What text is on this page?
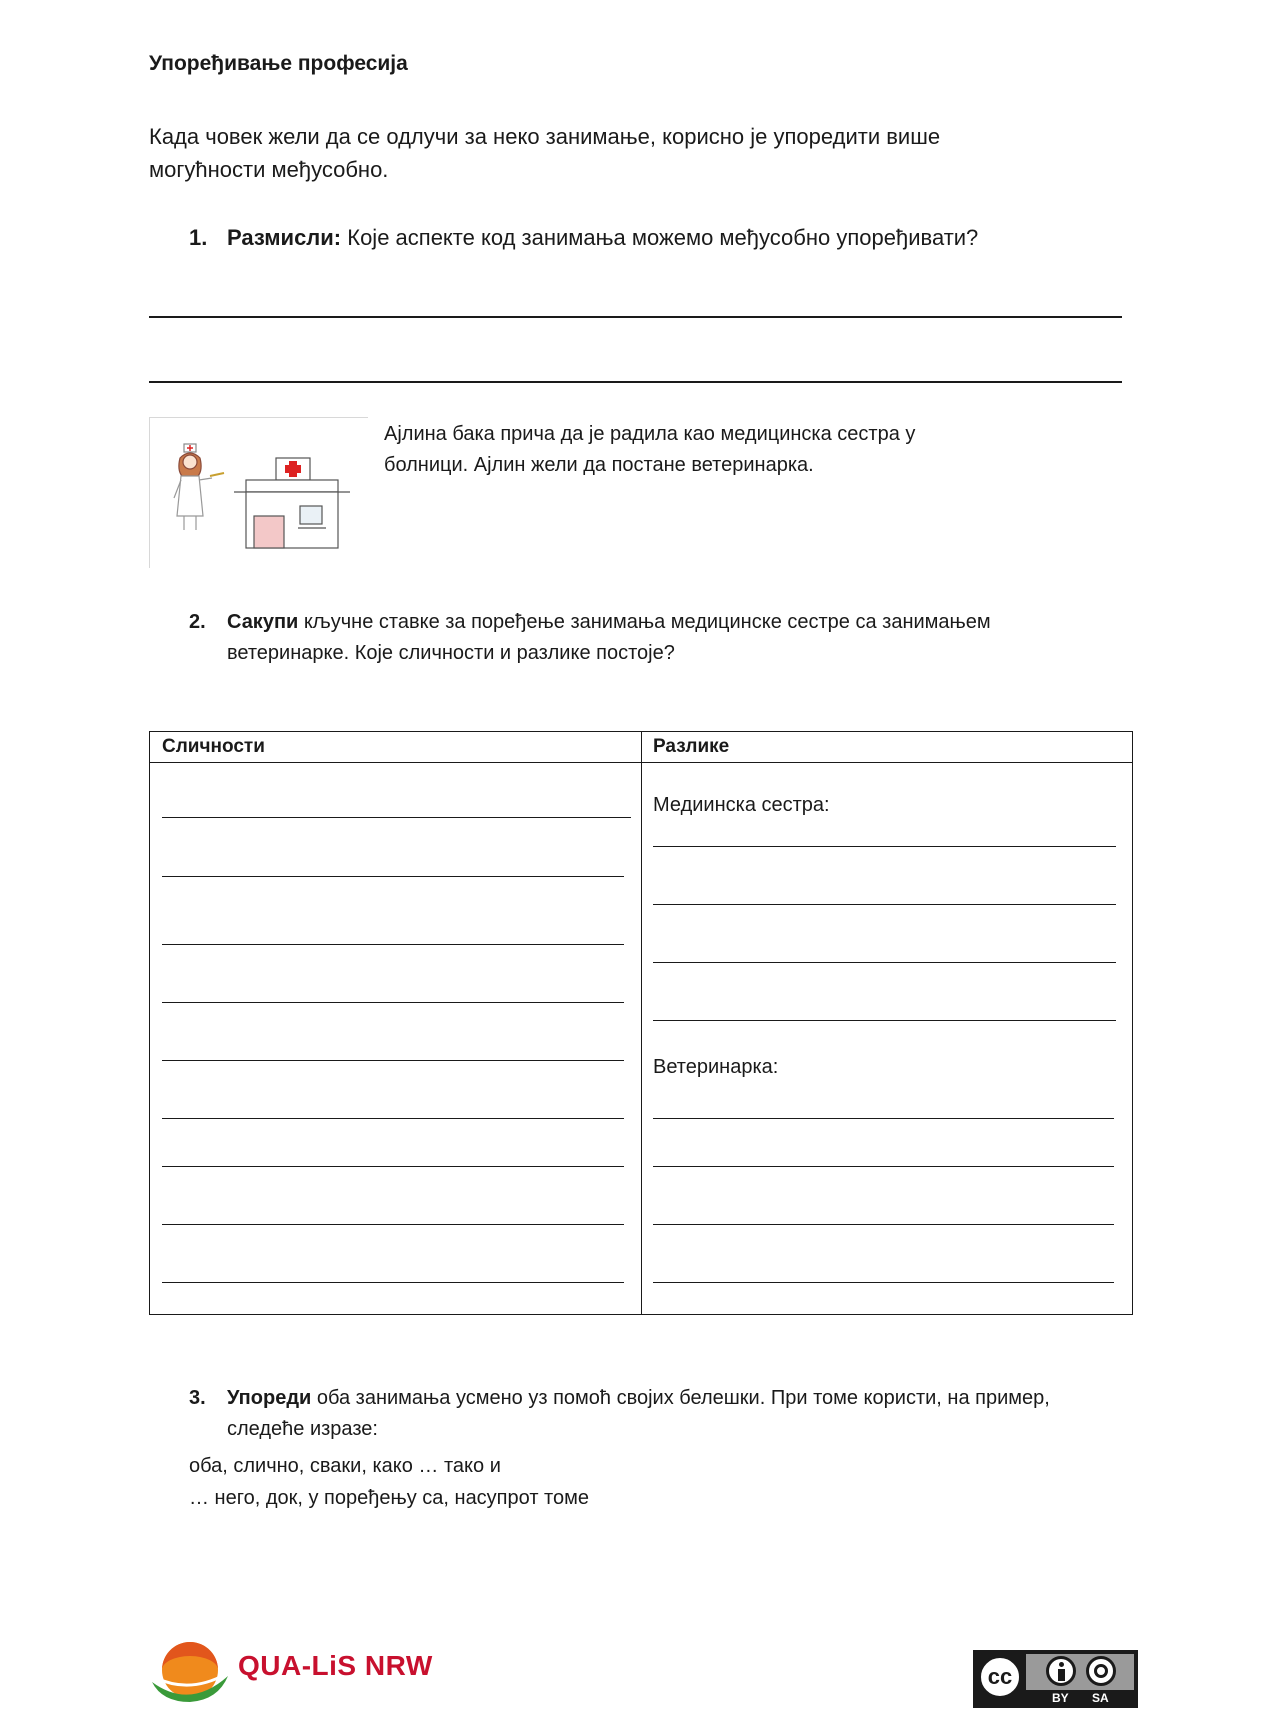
Упоређивање професија
Када човек жели да се одлучи за неко занимање, корисно је упоредити више могућности међусобно.
1. Размисли: Које аспекте код занимања можемо међусобно упоређивати?
Ајлина бака прича да је радила као медицинска сестра у болници. Ајлин жели да постане ветеринарка.
2. Сакупи кључне ставке за поређење занимања медицинске сестре са занимањем ветеринарке. Које сличности и разлике постоје?
Сличности	Разлике
Медиинска сестра:
Ветеринарка:
3. Упореди оба занимања усмено уз помоћ својих белешки. При томе користи, на пример, следеће изразе:
оба, слично, сваки, како … тако и
… него, док, у поређењу са, насупрот томе
QUA-LiS NRW	cc
BY SA
